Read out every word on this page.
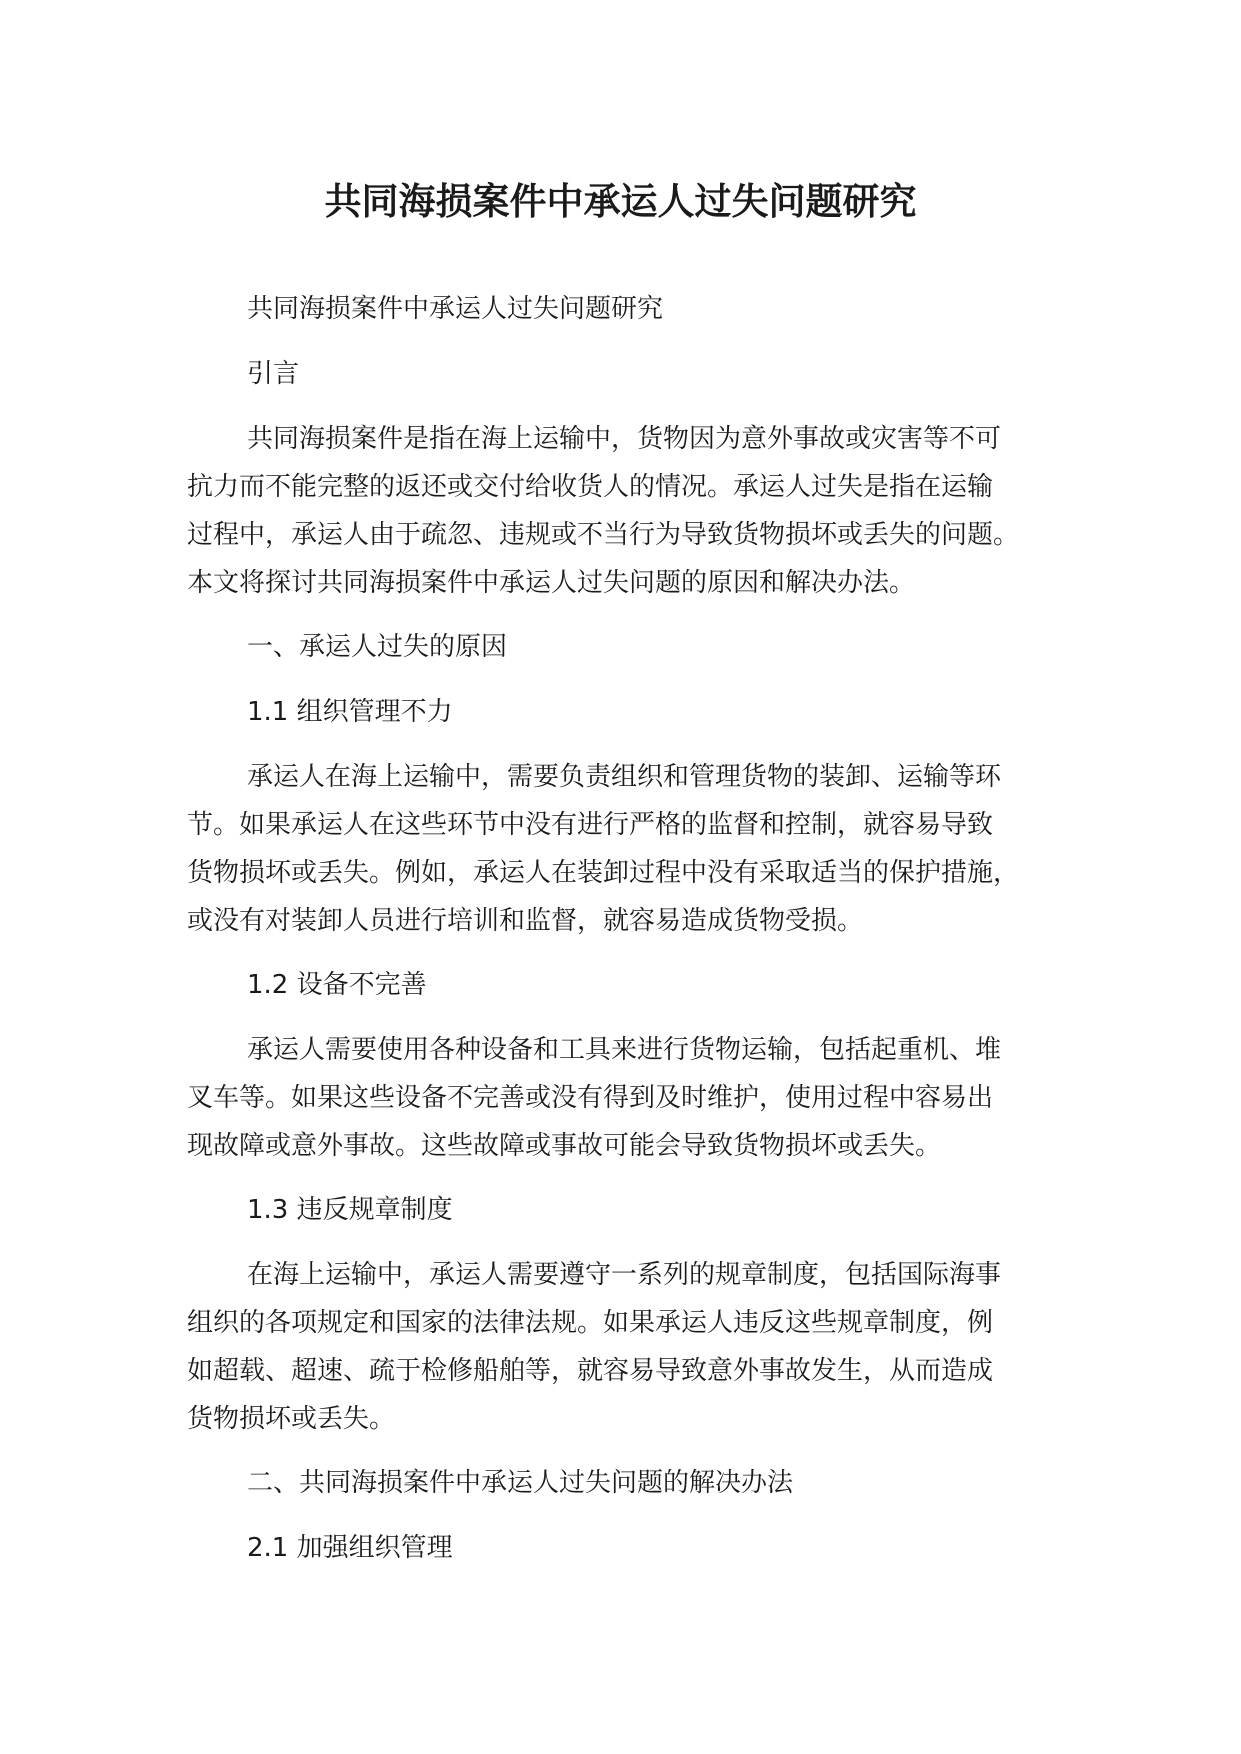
共同海损案件中承运人过失问题研究

共同海损案件中承运人过失问题研究

引言

共同海损案件是指在海上运输中，货物因为意外事故或灾害等不可

抗力而不能完整的返还或交付给收货人的情况。承运人过失是指在运输

过程中，承运人由于疏忽、违规或不当行为导致货物损坏或丢失的问题。

本文将探讨共同海损案件中承运人过失问题的原因和解决办法。

一、承运人过失的原因

1.1 组织管理不力

承运人在海上运输中，需要负责组织和管理货物的装卸、运输等环

节。如果承运人在这些环节中没有进行严格的监督和控制，就容易导致

货物损坏或丢失。例如，承运人在装卸过程中没有采取适当的保护措施，

或没有对装卸人员进行培训和监督，就容易造成货物受损。

1.2 设备不完善

承运人需要使用各种设备和工具来进行货物运输，包括起重机、堆

叉车等。如果这些设备不完善或没有得到及时维护，使用过程中容易出

现故障或意外事故。这些故障或事故可能会导致货物损坏或丢失。

1.3 违反规章制度

在海上运输中，承运人需要遵守一系列的规章制度，包括国际海事

组织的各项规定和国家的法律法规。如果承运人违反这些规章制度，例

如超载、超速、疏于检修船舶等，就容易导致意外事故发生，从而造成

货物损坏或丢失。

二、共同海损案件中承运人过失问题的解决办法

2.1 加强组织管理
